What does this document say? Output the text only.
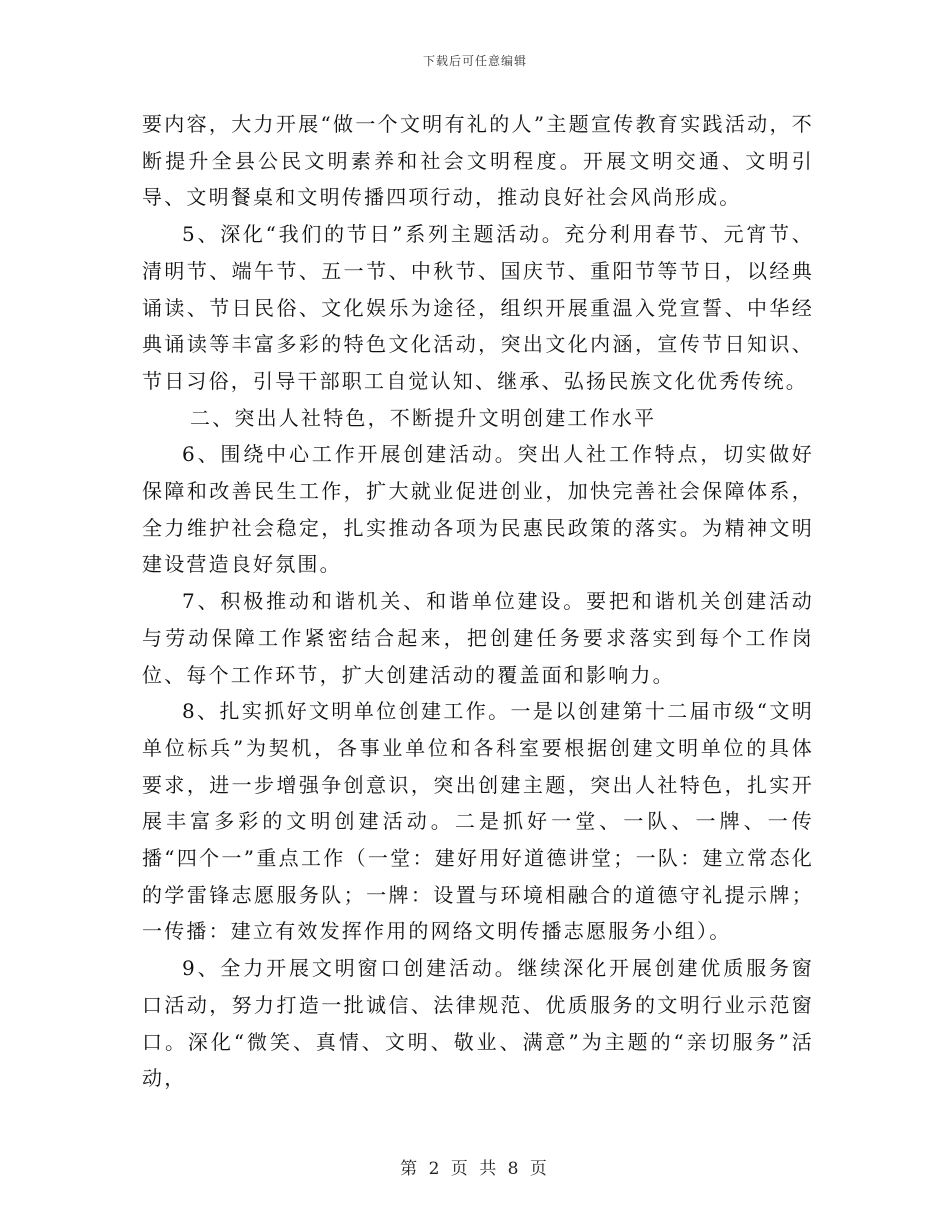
下载后可任意编辑

要内容，大力开展“做一个文明有礼的人”主题宣传教育实践活动，不断提升全县公民文明素养和社会文明程度。开展文明交通、文明引导、文明餐桌和文明传播四项行动，推动良好社会风尚形成。

5、深化“我们的节日”系列主题活动。充分利用春节、元宵节、清明节、端午节、五一节、中秋节、国庆节、重阳节等节日，以经典诵读、节日民俗、文化娱乐为途径，组织开展重温入党宣誓、中华经典诵读等丰富多彩的特色文化活动，突出文化内涵，宣传节日知识、节日习俗，引导干部职工自觉认知、继承、弘扬民族文化优秀传统。

二、突出人社特色，不断提升文明创建工作水平

6、围绕中心工作开展创建活动。突出人社工作特点，切实做好保障和改善民生工作，扩大就业促进创业，加快完善社会保障体系，全力维护社会稳定，扎实推动各项为民惠民政策的落实。为精神文明建设营造良好氛围。

7、积极推动和谐机关、和谐单位建设。要把和谐机关创建活动与劳动保障工作紧密结合起来，把创建任务要求落实到每个工作岗位、每个工作环节，扩大创建活动的覆盖面和影响力。

8、扎实抓好文明单位创建工作。一是以创建第十二届市级“文明单位标兵”为契机，各事业单位和各科室要根据创建文明单位的具体要求，进一步增强争创意识，突出创建主题，突出人社特色，扎实开展丰富多彩的文明创建活动。二是抓好一堂、一队、一牌、一传播“四个一”重点工作（一堂：建好用好道德讲堂；一队：建立常态化的学雷锋志愿服务队；一牌：设置与环境相融合的道德守礼提示牌；一传播：建立有效发挥作用的网络文明传播志愿服务小组）。

9、全力开展文明窗口创建活动。继续深化开展创建优质服务窗口活动，努力打造一批诚信、法律规范、优质服务的文明行业示范窗口。深化“微笑、真情、文明、敬业、满意”为主题的“亲切服务”活动，

第 2 页 共 8 页
